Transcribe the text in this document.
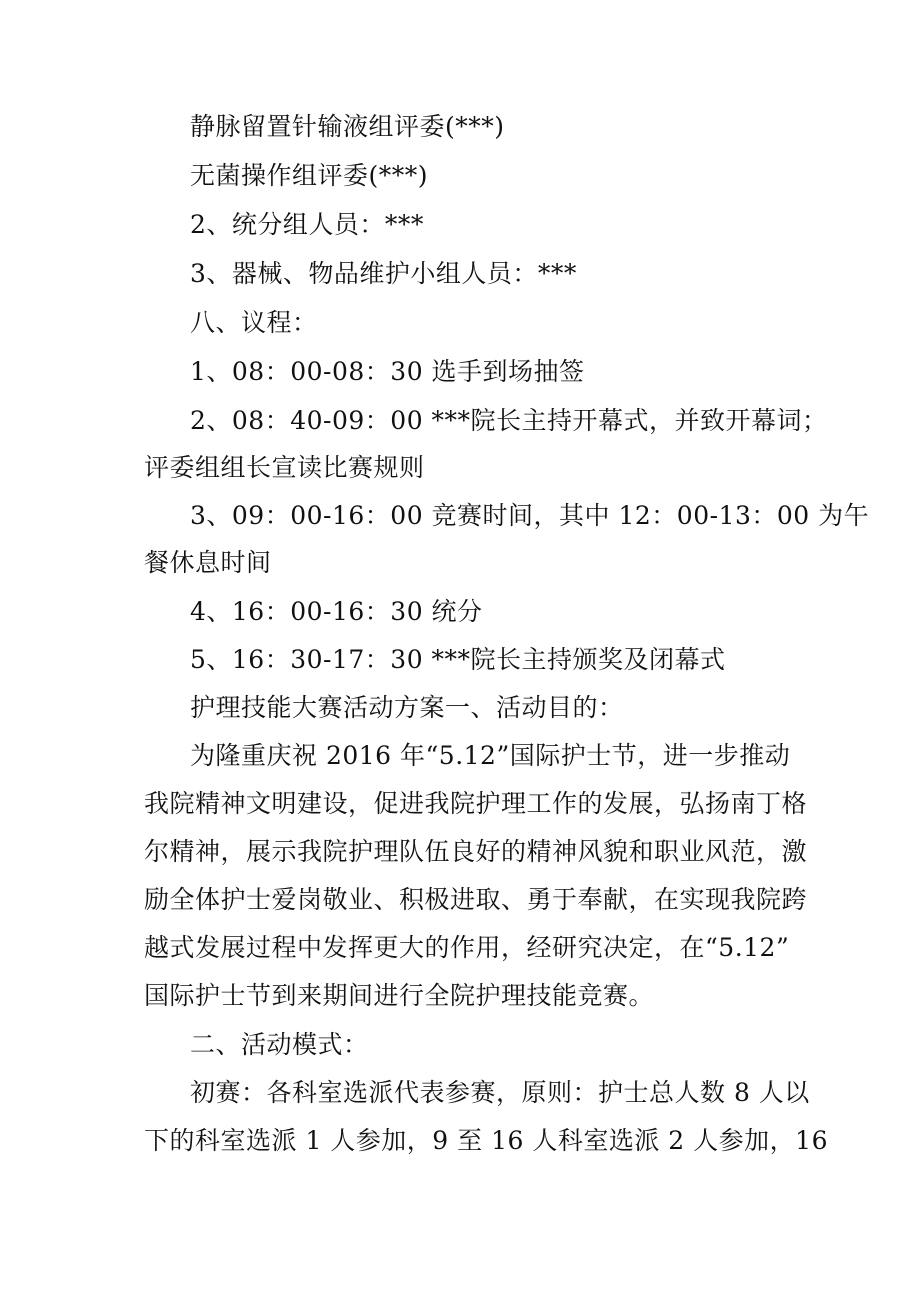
静脉留置针输液组评委(***)
无菌操作组评委(***)
2、统分组人员：***
3、器械、物品维护小组人员：***
八、议程：
1、08：00-08：30 选手到场抽签
2、08：40-09：00 ***院长主持开幕式，并致开幕词；
评委组组长宣读比赛规则
3、09：00-16：00 竞赛时间，其中 12：00-13：00 为午
餐休息时间
4、16：00-16：30 统分
5、16：30-17：30 ***院长主持颁奖及闭幕式
护理技能大赛活动方案一、活动目的：
为隆重庆祝 2016 年“5.12”国际护士节，进一步推动
我院精神文明建设，促进我院护理工作的发展，弘扬南丁格
尔精神，展示我院护理队伍良好的精神风貌和职业风范，激
励全体护士爱岗敬业、积极进取、勇于奉献，在实现我院跨
越式发展过程中发挥更大的作用，经研究决定，在“5.12”
国际护士节到来期间进行全院护理技能竞赛。
二、活动模式：
初赛：各科室选派代表参赛，原则：护士总人数 8 人以
下的科室选派 1 人参加，9 至 16 人科室选派 2 人参加，16
